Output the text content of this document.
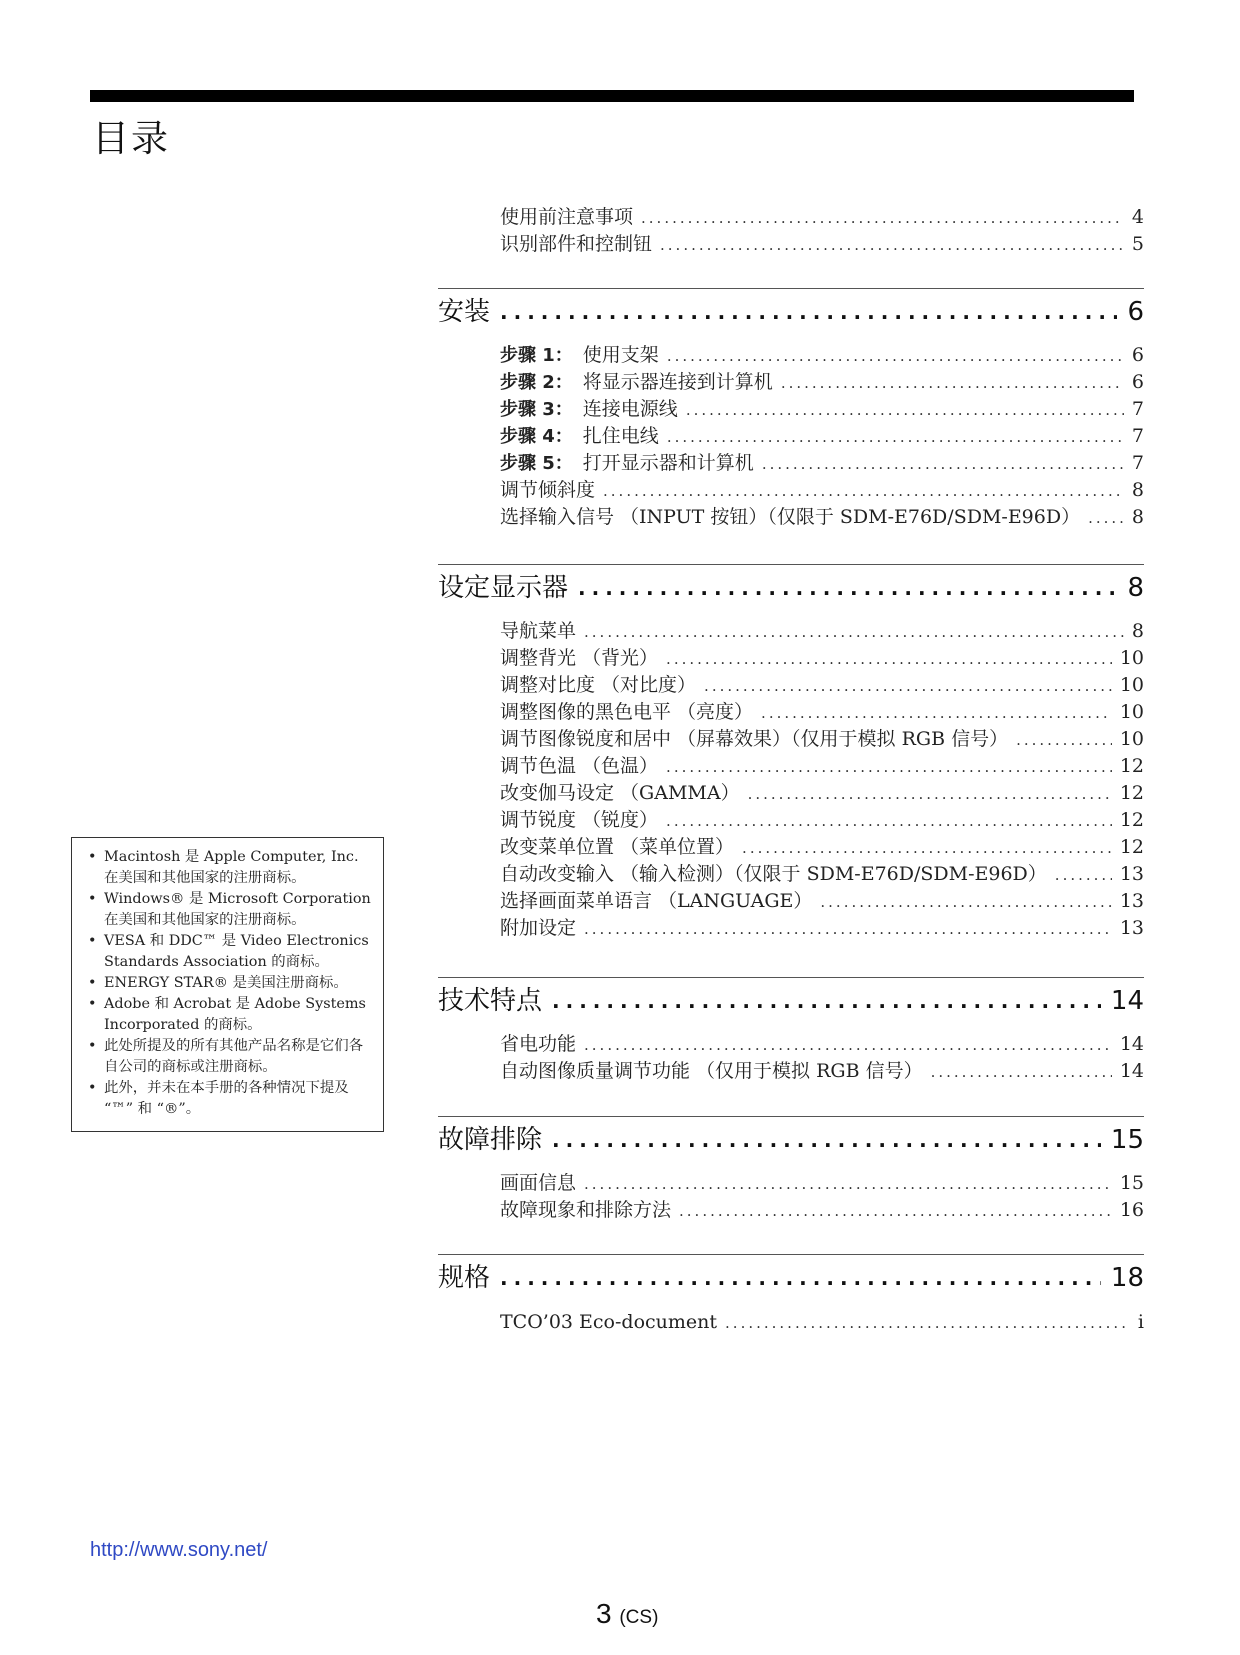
目录
使用前注意事项 .....	4
识别部件和控制钮 .....	5
安装 .....	6
步骤 1： 使用支架 .....	6
步骤 2： 将显示器连接到计算机 .....	6
步骤 3： 连接电源线 .....	7
步骤 4： 扎住电线 .....	7
步骤 5： 打开显示器和计算机 .....	7
调节倾斜度 .....	8
选择输入信号 （INPUT 按钮）（仅限于 SDM-E76D/SDM-E96D） .....	8
设定显示器 .....	8
导航菜单 .....	8
调整背光 （背光） .....	10
调整对比度 （对比度） .....	10
调整图像的黑色电平 （亮度） .....	10
调节图像锐度和居中 （屏幕效果）（仅用于模拟 RGB 信号） .....	10
调节色温 （色温） .....	12
改变伽马设定 （GAMMA） .....	12
调节锐度 （锐度） .....	12
改变菜单位置 （菜单位置） .....	12
自动改变输入 （输入检测）（仅限于 SDM-E76D/SDM-E96D） .....	13
选择画面菜单语言 （LANGUAGE） .....	13
附加设定 .....	13
技术特点 .....	14
省电功能 .....	14
自动图像质量调节功能 （仅用于模拟 RGB 信号） .....	14
故障排除 .....	15
画面信息 .....	15
故障现象和排除方法 .....	16
规格 .....	18
TCO’03 Eco-document .....	i
• Macintosh 是 Apple Computer, Inc. 在美国和其他国家的注册商标。
• Windows® 是 Microsoft Corporation 在美国和其他国家的注册商标。
• VESA 和 DDC™ 是 Video Electronics Standards Association 的商标。
• ENERGY STAR® 是美国注册商标。
• Adobe 和 Acrobat 是 Adobe Systems Incorporated 的商标。
• 此处所提及的所有其他产品名称是它们各自公司的商标或注册商标。
• 此外，并未在本手册的各种情况下提及 “™” 和 “®”。
http://www.sony.net/
3 (CS)
